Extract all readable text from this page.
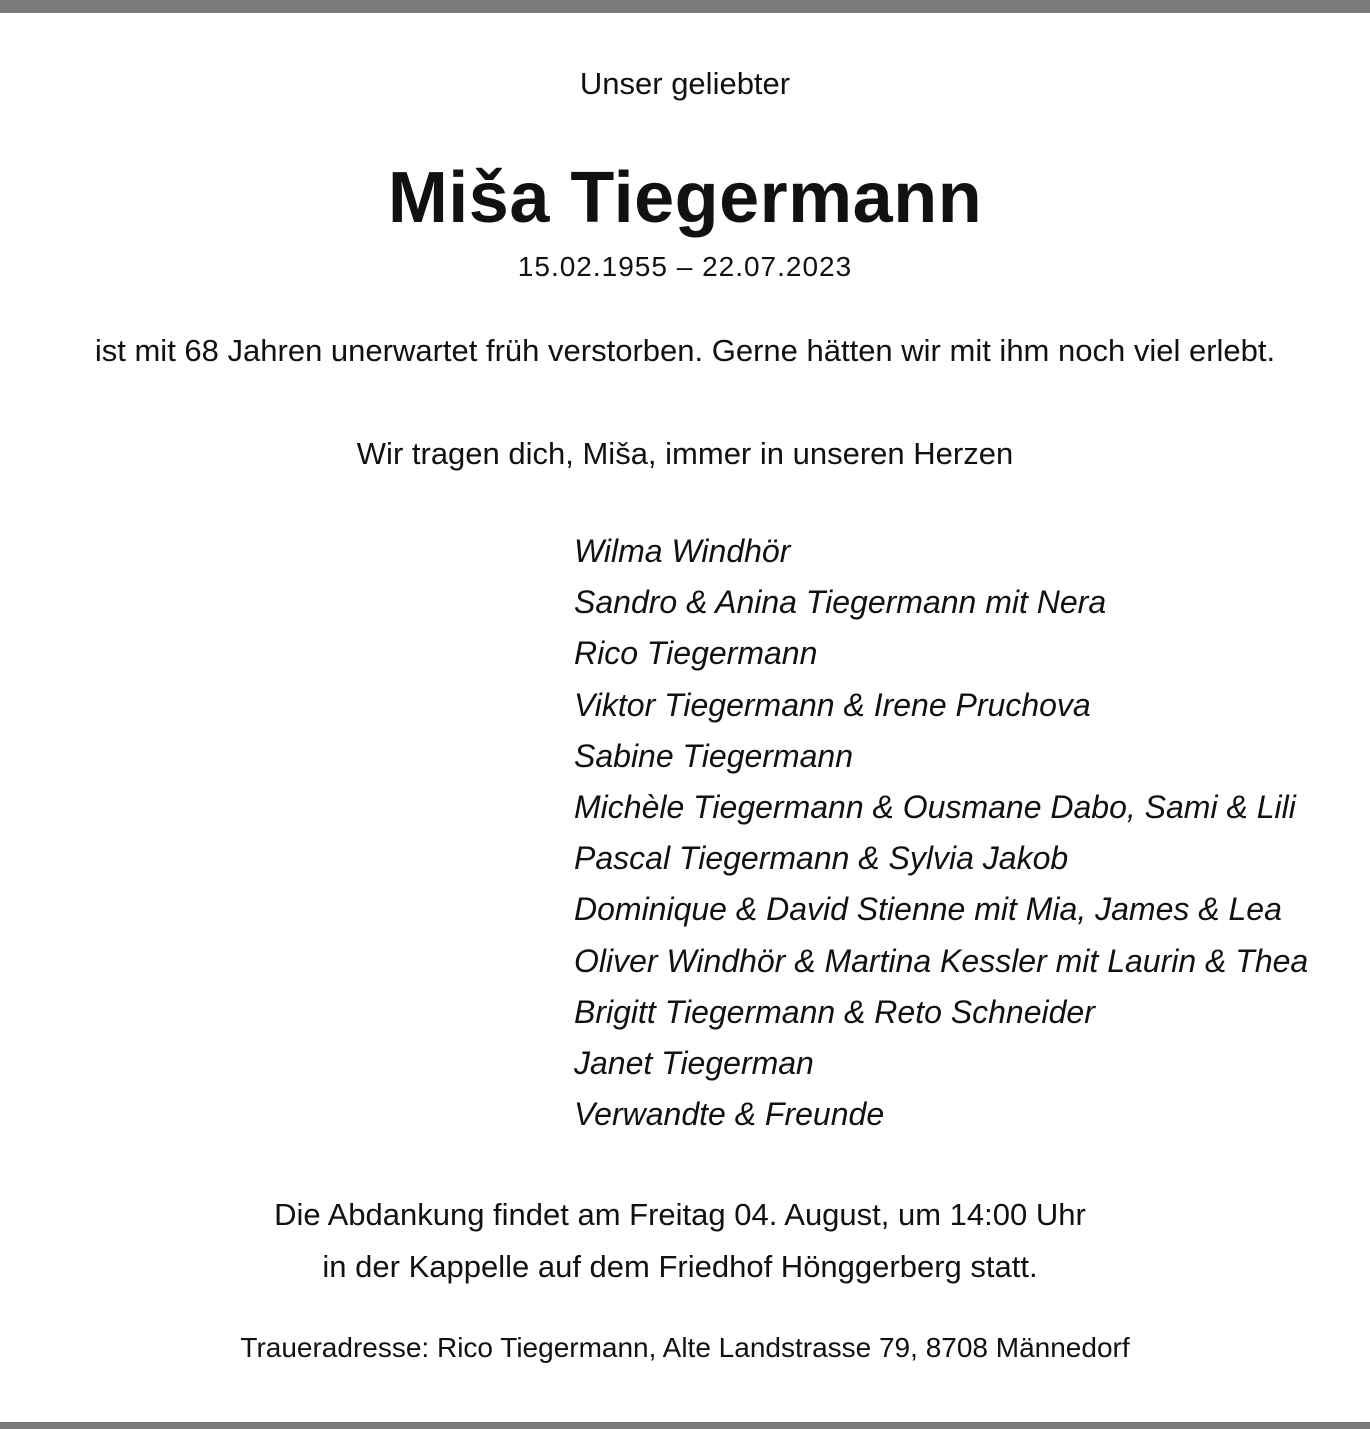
Unser geliebter
Miša Tiegermann
15.02.1955 – 22.07.2023
ist mit 68 Jahren unerwartet früh verstorben. Gerne hätten wir mit ihm noch viel erlebt.
Wir tragen dich, Miša, immer in unseren Herzen
Wilma Windhör
Sandro & Anina Tiegermann mit Nera
Rico Tiegermann
Viktor Tiegermann & Irene Pruchova
Sabine Tiegermann
Michèle Tiegermann & Ousmane Dabo, Sami & Lili
Pascal Tiegermann & Sylvia Jakob
Dominique & David Stienne mit Mia, James & Lea
Oliver Windhör & Martina Kessler mit Laurin & Thea
Brigitt Tiegermann & Reto Schneider
Janet Tiegerman
Verwandte & Freunde
Die Abdankung findet am Freitag 04. August, um 14:00 Uhr
in der Kappelle auf dem Friedhof Hönggerberg statt.
Traueradresse: Rico Tiegermann, Alte Landstrasse 79, 8708 Männedorf
